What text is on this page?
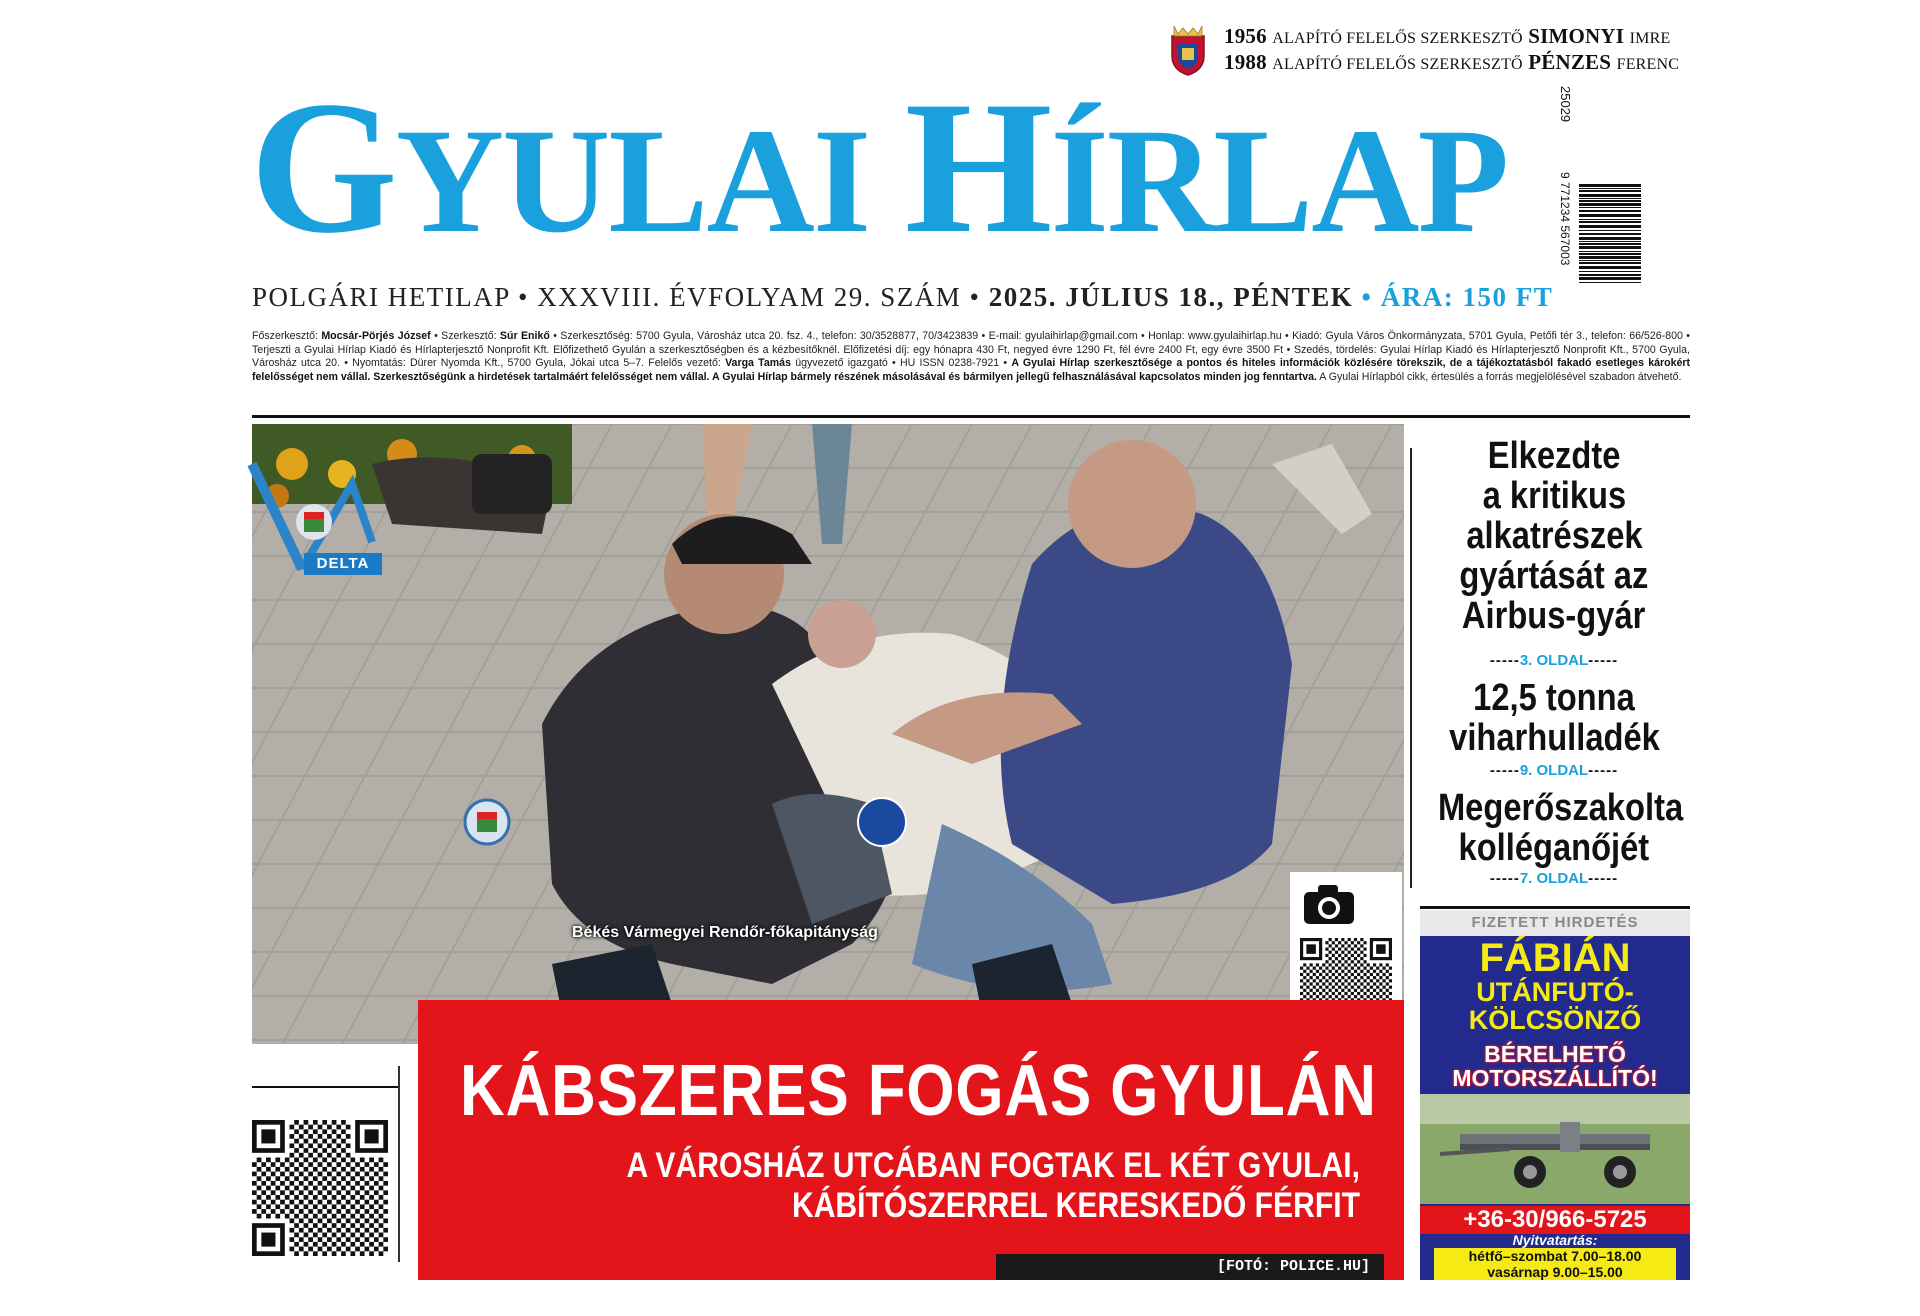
1956 ALAPÍTÓ FELELŐS SZERKESZTŐ SIMONYI IMRE
1988 ALAPÍTÓ FELELŐS SZERKESZTŐ PÉNZES FERENC
GYULAI HÍRLAP	25029
9 771234 567003
POLGÁRI HETILAP • XXXVIII. ÉVFOLYAM 29. SZÁM • 2025. JÚLIUS 18., PÉNTEK • ÁRA: 150 FT
Főszerkesztő: Mocsár-Pörjés József • Szerkesztő: Súr Enikő • Szerkesztőség: 5700 Gyula, Városház utca 20. fsz. 4., telefon: 30/3528877, 70/3423839 • E-mail: gyulaihirlap@gmail.com • Honlap: www.gyulaihirlap.hu • Kiadó: Gyula Város Önkormányzata, 5701 Gyula, Petőfi tér 3., telefon: 66/526-800 • Terjeszti a Gyulai Hírlap Kiadó és Hírlapterjesztő Nonprofit Kft. Előfizethető Gyulán a szerkesztőségben és a kézbesítőknél. Előfizetési díj: egy hónapra 430 Ft, negyed évre 1290 Ft, fél évre 2400 Ft, egy évre 3500 Ft • Szedés, tördelés: Gyulai Hírlap Kiadó és Hírlapterjesztő Nonprofit Kft., 5700 Gyula, Városház utca 20. • Nyomtatás: Dürer Nyomda Kft., 5700 Gyula, Jókai utca 5–7. Felelős vezető: Varga Tamás ügyvezető igazgató • HU ISSN 0238-7921 • A Gyulai Hírlap szerkesztősége a pontos és hiteles információk közlésére törekszik, de a tájékoztatásból fakadó esetleges károkért felelősséget nem vállal. Szerkesztőségünk a hirdetések tartalmáért felelősséget nem vállal. A Gyulai Hírlap bármely részének másolásával és bármilyen jellegű felhasználásával kapcsolatos minden jog fenntartva. A Gyulai Hírlapból cikk, értesülés a forrás megjelölésével szabadon átvehető.
DELTA
Békés Vármegyei Rendőr-főkapitányság
KÁBSZERES FOGÁS GYULÁN
A VÁROSHÁZ UTCÁBAN FOGTAK EL KÉT GYULAI,
KÁBÍTÓSZERREL KERESKEDŐ FÉRFIT
[FOTÓ: POLICE.HU]
Elkezdte
a kritikus
alkatrészek
gyártását az
Airbus-gyár
-----3. OLDAL-----
12,5 tonna
viharhulladék
-----9. OLDAL-----
Megerőszakolta
kolléganőjét
-----7. OLDAL-----
FIZETETT HIRDETÉS
FÁBIÁN
UTÁNFUTÓ-
KÖLCSÖNZŐ
BÉRELHETŐ
MOTORSZÁLLÍTÓ!
+36-30/966-5725
Nyitvatartás:
hétfő–szombat 7.00–18.00
vasárnap 9.00–15.00
5700 GYULA,
SZLÁNYI TANYA 11671.
